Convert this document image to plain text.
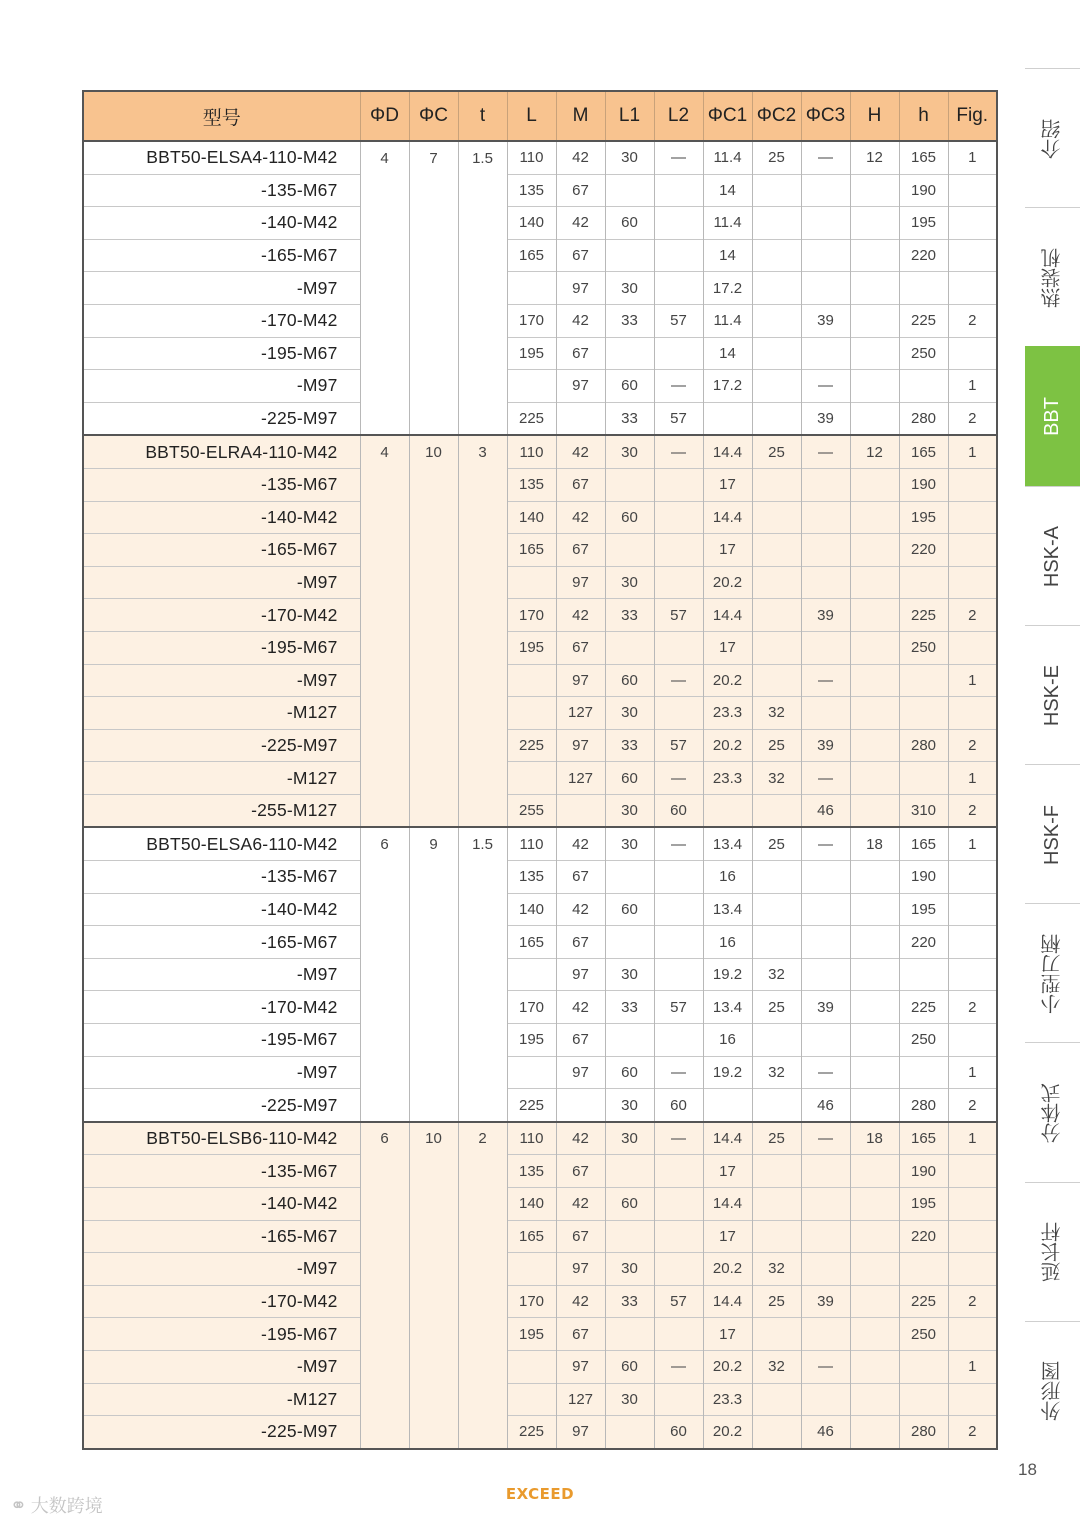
型号	ΦD	ΦC	t	L	M	L1	L2	ΦC1	ΦC2	ΦC3	H	h	Fig.
BBT50-ELSA4-110-M42	4	7	1.5	110	42	30	—	11.4	25	—	12	165	1
-135-M67				135	67			14				190	
-140-M42				140	42	60		11.4				195	
-165-M67				165	67			14				220	
-M97					97	30		17.2					
-170-M42				170	42	33	57	11.4		39		225	2
-195-M67				195	67			14				250	
-M97					97	60	—	17.2		—			1
-225-M97				225		33	57			39		280	2
BBT50-ELRA4-110-M42	4	10	3	110	42	30	—	14.4	25	—	12	165	1
-135-M67				135	67			17				190	
-140-M42				140	42	60		14.4				195	
-165-M67				165	67			17				220	
-M97					97	30		20.2					
-170-M42				170	42	33	57	14.4		39		225	2
-195-M67				195	67			17				250	
-M97					97	60	—	20.2		—			1
-M127					127	30		23.3	32				
-225-M97				225	97	33	57	20.2	25	39		280	2
-M127					127	60	—	23.3	32	—			1
-255-M127				255		30	60			46		310	2
BBT50-ELSA6-110-M42	6	9	1.5	110	42	30	—	13.4	25	—	18	165	1
-135-M67				135	67			16				190	
-140-M42				140	42	60		13.4				195	
-165-M67				165	67			16				220	
-M97					97	30		19.2	32				
-170-M42				170	42	33	57	13.4	25	39		225	2
-195-M67				195	67			16				250	
-M97					97	60	—	19.2	32	—			1
-225-M97				225		30	60			46		280	2
BBT50-ELSB6-110-M42	6	10	2	110	42	30	—	14.4	25	—	18	165	1
-135-M67				135	67			17				190	
-140-M42				140	42	60		14.4				195	
-165-M67				165	67			17				220	
-M97					97	30		20.2	32				
-170-M42				170	42	33	57	14.4	25	39		225	2
-195-M67				195	67			17				250	
-M97					97	60	—	20.2	32	—			1
-M127					127	30		23.3					
-225-M97				225	97		60	20.2		46		280	2
介绍
热装机
BBT
HSK-A
HSK-E
HSK-F
小型刀柄
分体式
延长杆
外形图
18
EXCEED
⚭ 大数跨境
